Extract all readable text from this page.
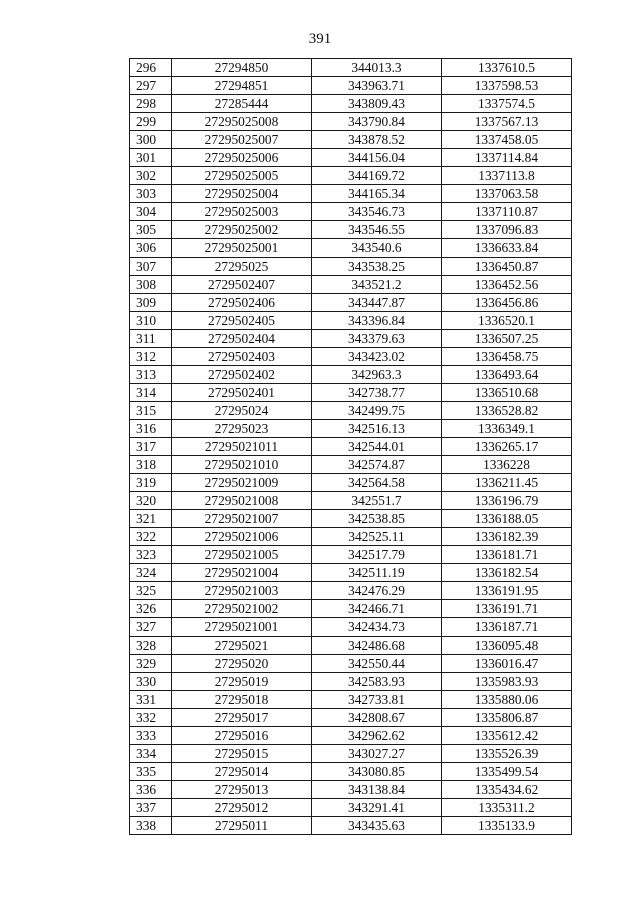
391
296	27294850	344013.3	1337610.5
297	27294851	343963.71	1337598.53
298	27285444	343809.43	1337574.5
299	27295025008	343790.84	1337567.13
300	27295025007	343878.52	1337458.05
301	27295025006	344156.04	1337114.84
302	27295025005	344169.72	1337113.8
303	27295025004	344165.34	1337063.58
304	27295025003	343546.73	1337110.87
305	27295025002	343546.55	1337096.83
306	27295025001	343540.6	1336633.84
307	27295025	343538.25	1336450.87
308	2729502407	343521.2	1336452.56
309	2729502406	343447.87	1336456.86
310	2729502405	343396.84	1336520.1
311	2729502404	343379.63	1336507.25
312	2729502403	343423.02	1336458.75
313	2729502402	342963.3	1336493.64
314	2729502401	342738.77	1336510.68
315	27295024	342499.75	1336528.82
316	27295023	342516.13	1336349.1
317	27295021011	342544.01	1336265.17
318	27295021010	342574.87	1336228
319	27295021009	342564.58	1336211.45
320	27295021008	342551.7	1336196.79
321	27295021007	342538.85	1336188.05
322	27295021006	342525.11	1336182.39
323	27295021005	342517.79	1336181.71
324	27295021004	342511.19	1336182.54
325	27295021003	342476.29	1336191.95
326	27295021002	342466.71	1336191.71
327	27295021001	342434.73	1336187.71
328	27295021	342486.68	1336095.48
329	27295020	342550.44	1336016.47
330	27295019	342583.93	1335983.93
331	27295018	342733.81	1335880.06
332	27295017	342808.67	1335806.87
333	27295016	342962.62	1335612.42
334	27295015	343027.27	1335526.39
335	27295014	343080.85	1335499.54
336	27295013	343138.84	1335434.62
337	27295012	343291.41	1335311.2
338	27295011	343435.63	1335133.9
